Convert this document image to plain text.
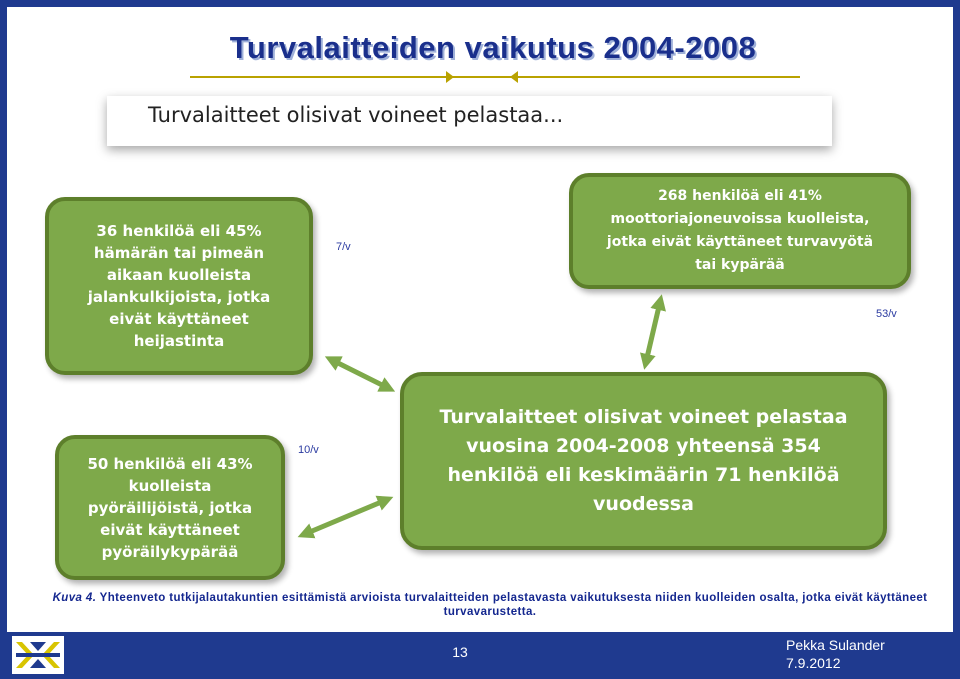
Turvalaitteiden vaikutus 2004-2008
Turvalaitteet olisivat voineet pelastaa...
36 henkilöä eli 45%
hämärän tai pimeän
aikaan kuolleista
jalankulkijoista, jotka
eivät käyttäneet
heijastinta
7/v
268 henkilöä eli 41%
moottoriajoneuvoissa kuolleista,
jotka eivät käyttäneet turvavyötä
tai kypärää
53/v
50 henkilöä eli 43%
kuolleista
pyöräilijöistä, jotka
eivät käyttäneet
pyöräilykypärää
10/v
Turvalaitteet olisivat voineet pelastaa
vuosina 2004-2008 yhteensä 354
henkilöä eli keskimäärin 71 henkilöä
vuodessa
Kuva 4. Yhteenveto tutkijalautakuntien esittämistä arvioista turvalaitteiden pelastavasta vaikutuksesta niiden kuolleiden osalta, jotka eivät käyttäneet turvavarustetta.
13	Pekka Sulander
7.9.2012
